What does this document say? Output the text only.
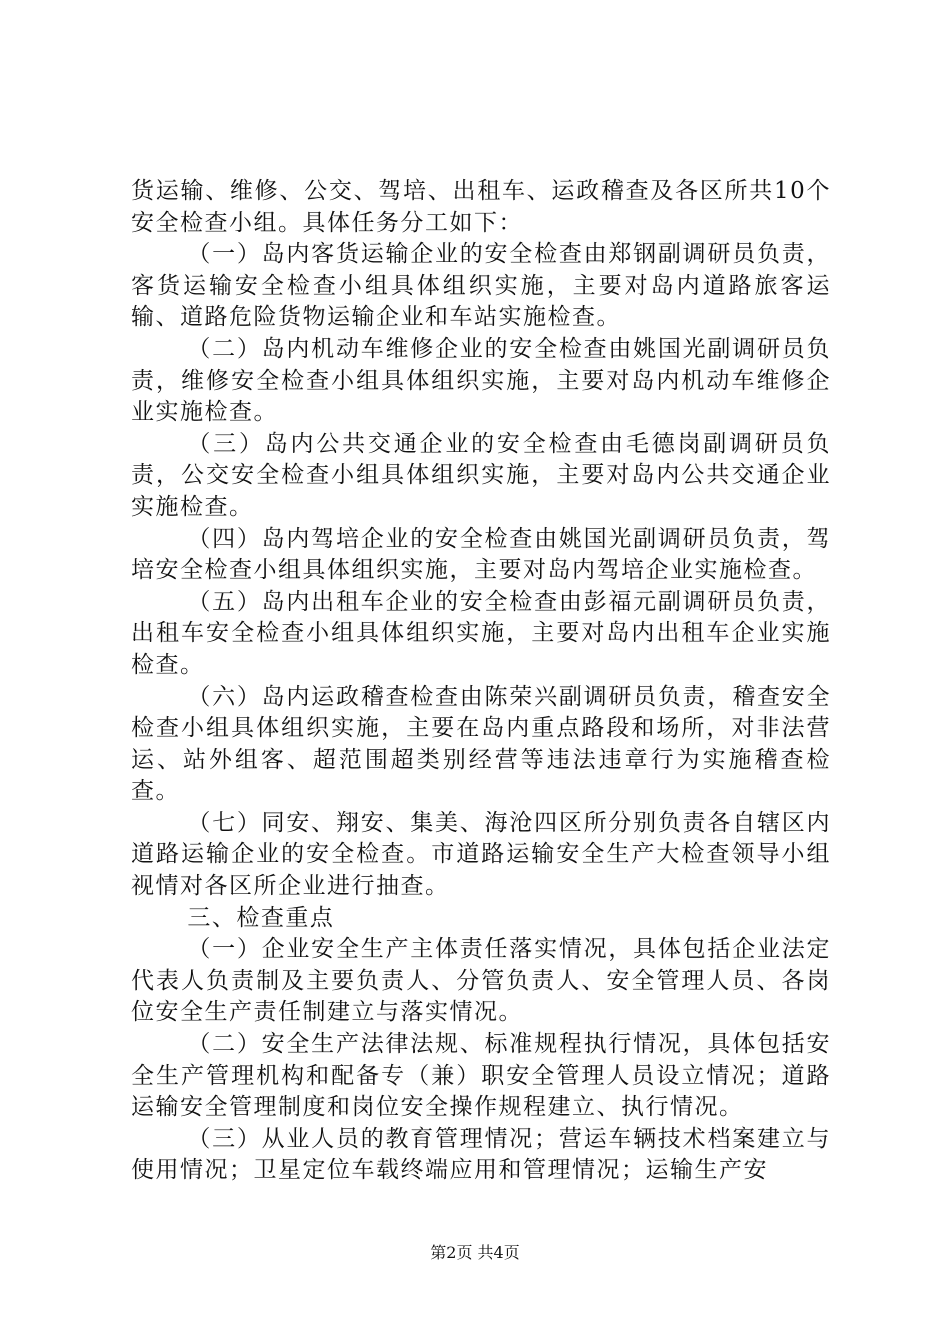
货运输、维修、公交、驾培、出租车、运政稽查及各区所共10个安全检查小组。具体任务分工如下：

（一）岛内客货运输企业的安全检查由郑钢副调研员负责，客货运输安全检查小组具体组织实施，主要对岛内道路旅客运输、道路危险货物运输企业和车站实施检查。

（二）岛内机动车维修企业的安全检查由姚国光副调研员负责，维修安全检查小组具体组织实施，主要对岛内机动车维修企业实施检查。

（三）岛内公共交通企业的安全检查由毛德岗副调研员负责，公交安全检查小组具体组织实施，主要对岛内公共交通企业实施检查。

（四）岛内驾培企业的安全检查由姚国光副调研员负责，驾培安全检查小组具体组织实施，主要对岛内驾培企业实施检查。

（五）岛内出租车企业的安全检查由彭福元副调研员负责，出租车安全检查小组具体组织实施，主要对岛内出租车企业实施检查。

（六）岛内运政稽查检查由陈荣兴副调研员负责，稽查安全检查小组具体组织实施，主要在岛内重点路段和场所，对非法营运、站外组客、超范围超类别经营等违法违章行为实施稽查检查。

（七）同安、翔安、集美、海沧四区所分别负责各自辖区内道路运输企业的安全检查。市道路运输安全生产大检查领导小组视情对各区所企业进行抽查。

三、检查重点

（一）企业安全生产主体责任落实情况，具体包括企业法定代表人负责制及主要负责人、分管负责人、安全管理人员、各岗位安全生产责任制建立与落实情况。

（二）安全生产法律法规、标准规程执行情况，具体包括安全生产管理机构和配备专（兼）职安全管理人员设立情况；道路运输安全管理制度和岗位安全操作规程建立、执行情况。

（三）从业人员的教育管理情况；营运车辆技术档案建立与使用情况；卫星定位车载终端应用和管理情况；运输生产安

第2页 共4页
